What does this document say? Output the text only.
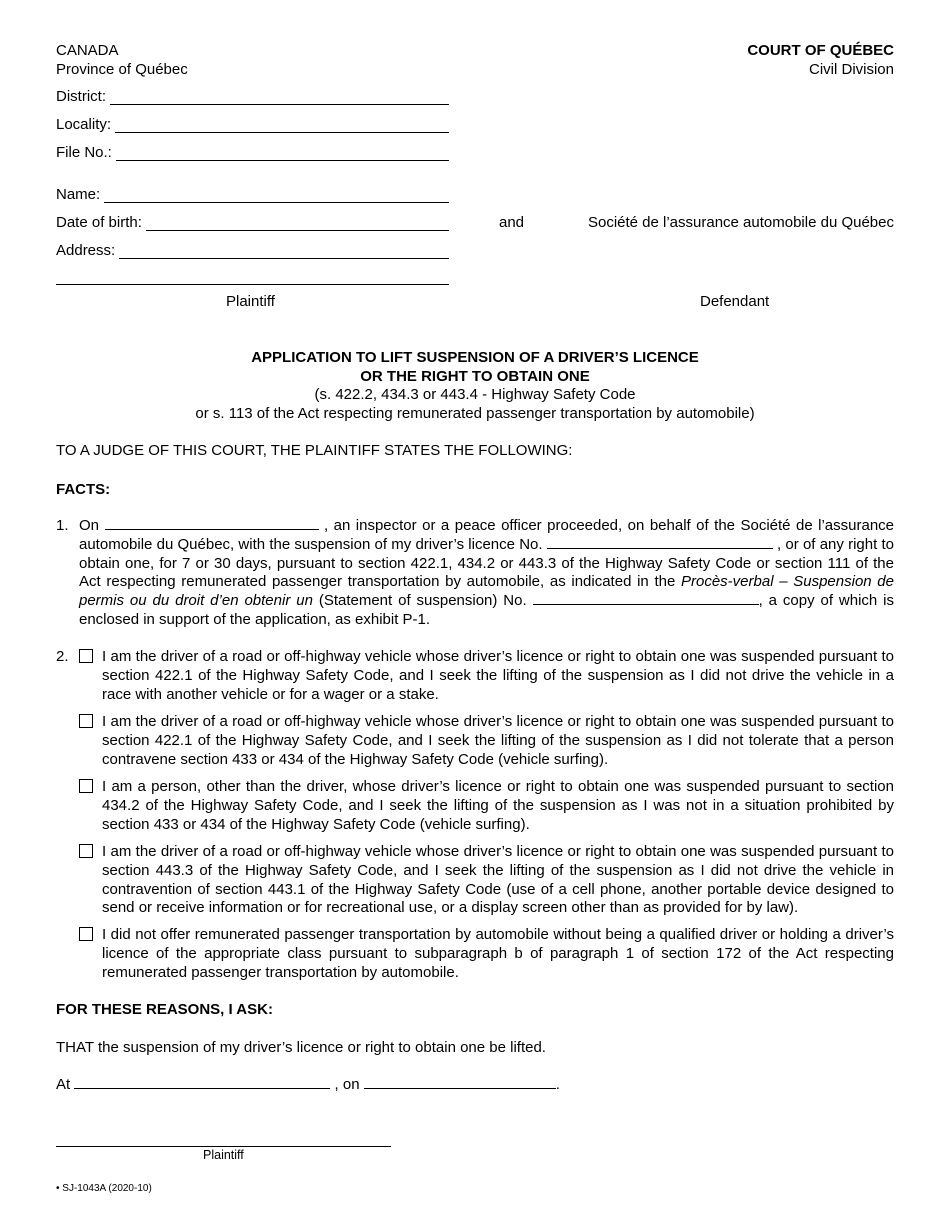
CANADA
Province of Québec
COURT OF QUÉBEC
Civil Division
District:
Locality:
File No.:
Name:
Date of birth:
Address:
and	Société de l’assurance automobile du Québec
Plaintiff	Defendant
APPLICATION TO LIFT SUSPENSION OF A DRIVER’S LICENCE
OR THE RIGHT TO OBTAIN ONE
(s. 422.2, 434.3 or 443.4 - Highway Safety Code
or s. 113 of the Act respecting remunerated passenger transportation by automobile)
TO A JUDGE OF THIS COURT, THE PLAINTIFF STATES THE FOLLOWING:
FACTS:
1. On	, an inspector or a peace officer proceeded, on behalf of the Société de l’assurance automobile du Québec, with the suspension of my driver’s licence No.	, or of any right to obtain one, for 7 or 30 days, pursuant to section 422.1, 434.2 or 443.3 of the Highway Safety Code or section 111 of the Act respecting remunerated passenger transportation by automobile, as indicated in the Procès-verbal – Suspension de permis ou du droit d’en obtenir un (Statement of suspension) No.	, a copy of which is enclosed in support of the application, as exhibit P-1.
2. I am the driver of a road or off-highway vehicle whose driver’s licence or right to obtain one was suspended pursuant to section 422.1 of the Highway Safety Code, and I seek the lifting of the suspension as I did not drive the vehicle in a race with another vehicle or for a wager or a stake.
I am the driver of a road or off-highway vehicle whose driver’s licence or right to obtain one was suspended pursuant to section 422.1 of the Highway Safety Code, and I seek the lifting of the suspension as I did not tolerate that a person contravene section 433 or 434 of the Highway Safety Code (vehicle surfing).
I am a person, other than the driver, whose driver’s licence or right to obtain one was suspended pursuant to section 434.2 of the Highway Safety Code, and I seek the lifting of the suspension as I was not in a situation prohibited by section 433 or 434 of the Highway Safety Code (vehicle surfing).
I am the driver of a road or off-highway vehicle whose driver’s licence or right to obtain one was suspended pursuant to section 443.3 of the Highway Safety Code, and I seek the lifting of the suspension as I did not drive the vehicle in contravention of section 443.1 of the Highway Safety Code (use of a cell phone, another portable device designed to send or receive information or for recreational use, or a display screen other than as provided for by law).
I did not offer remunerated passenger transportation by automobile without being a qualified driver or holding a driver’s licence of the appropriate class pursuant to subparagraph b of paragraph 1 of section 172 of the Act respecting remunerated passenger transportation by automobile.
FOR THESE REASONS, I ASK:
THAT the suspension of my driver’s licence or right to obtain one be lifted.
At	, on	.
Plaintiff
• SJ-1043A (2020-10)
